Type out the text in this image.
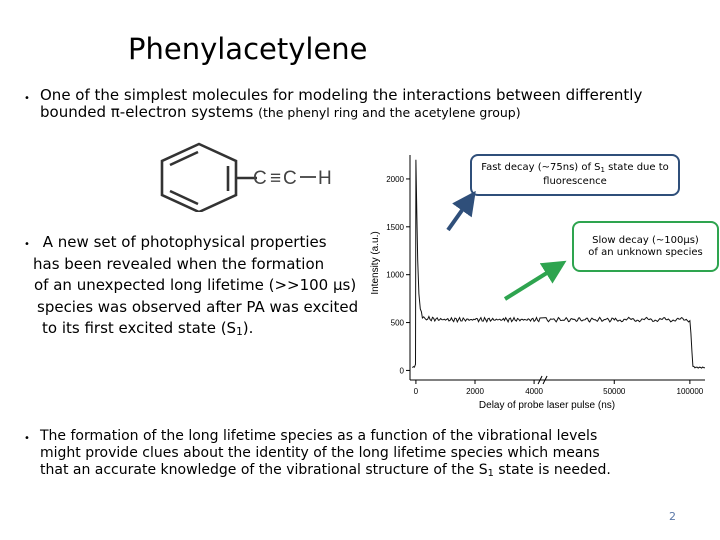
Phenylacetylene
• One of the simplest molecules for modeling the interactions between differently
bounded π-electron systems (the phenyl ring and the acetylene group)
C ≡ C H
• A new set of photophysical properties
has been revealed when the formation
of an unexpected long lifetime (>>100 μs)
species was observed after PA was excited
to its first excited state $(S_1)$.
0
500
1000
1500
2000
0	2000	4000	50000	100000
Intensity (a.u.)
Delay of probe laser pulse (ns)
Fast decay (~75ns) of $S_1$ state due to
fluorescence
Slow decay (~100μs)
of an unknown species
• The formation of the long lifetime species as a function of the vibrational levels
might provide clues about the identity of the long lifetime species which means
that an accurate knowledge of the vibrational structure of the $S_1$ state is needed.
2
